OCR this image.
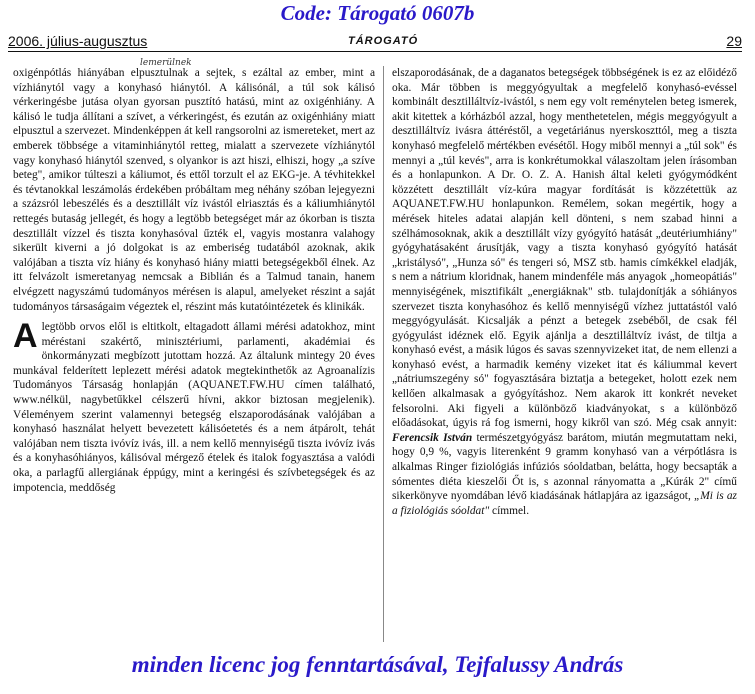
Code: Tárogató 0607b
2006. július-augusztus	TÁROGATÓ	29
lemerülnek

oxigénpótlás hiányában elpusztulnak a sejtek, s ezáltal az ember, mint a vízhiánytól vagy a konyhasó hiánytól. A kálisónál, a túl sok kálisó vérkeringésbe jutása olyan gyorsan pusztító hatású, mint az oxigénhiány. A kálisó le tudja állítani a szívet, a vérkeringést, és ezután az oxigénhiány miatt elpusztul a szervezet. Mindenképpen át kell rangsorolni az ismereteket, mert az emberek többsége a vitaminhiánytól retteg, mialatt a szervezete vízhiánytól vagy konyhasó hiánytól szenved, s olyankor is azt hiszi, elhiszi, hogy „a szíve beteg", amikor túlteszi a káliumot, és ettől torzult el az EKG-je. A tévhitekkel és tévtanokkal leszámolás érdekében próbáltam meg néhány szóban lejegyezni a százsról lebeszélés és a desztillált víz ivástól elriasztás és a káliumhiánytól rettegés butaság jellegét, és hogy a legtöbb betegséget már az ókorban is tiszta desztillált vízzel és tiszta konyhasóval űzték el, vagyis mostanra valahogy sikerült kiverni a jó dolgokat is az emberiség tudatából azoknak, akik valójában a tiszta víz hiány és konyhasó hiány miatti betegségekből élnek. Az itt felvázolt ismeretanyag nemcsak a Biblián és a Talmud tanain, hanem elvégzett nagyszámú tudományos mérésen is alapul, amelyeket részint a saját tudományos társaságaim végeztek el, részint más kutatóintézetek és klinikák.

Alegtöbb orvos elől is eltitkolt, eltagadott állami mérési adatokhoz, mint méréstani szakértő, minisztériumi, parlamenti, akadémiai és önkormányzati megbízott jutottam hozzá. Az általunk mintegy 20 éves munkával felderített leplezett mérési adatok megtekinthetők az Agroanalízis Tudományos Társaság honlapján (AQUANET.FW.HU címen található, www.nélkül, nagybetűkkel célszerű hívni, akkor biztosan megjelenik). Véleményem szerint valamennyi betegség elszaporodásának valójában a konyhasó használat helyett bevezetett kálisóetetés és a nem átpárolt, tehát valójában nem tiszta ivóvíz ivás, ill. a nem kellő mennyiségű tiszta ivóvíz ivás és a konyhasóhiányos, kálisóval mérgező ételek és italok fogyasztása a valódi oka, a parlagfű allergiának éppúgy, mint a keringési és szívbetegségek és az impotencia, meddőség

elszaporodásának, de a daganatos betegségek többségének is ez az előidéző oka. Már többen is meggyógyultak a megfelelő konyhasó-evéssel kombinált desztilláltvíz-ivástól, s nem egy volt reménytelen beteg ismerek, akit kitettek a kórházból azzal, hogy menthetetelen, mégis meggyógyult a desztilláltvíz ivásra áttéréstől, a vegetáriánus nyerskoszttól, meg a tiszta konyhasó megfelelő mértékben evésétől. Hogy miből mennyi a „túl sok" és mennyi a „túl kevés", arra is konkrétumokkal válaszoltam jelen írásomban és a honlapunkon. A Dr. O. Z. A. Hanish által keleti gyógymódként közzétett desztillált víz-kúra magyar fordítását is közzétettük az AQUANET.FW.HU honlapunkon. Remélem, sokan megértik, hogy a mérések hiteles adatai alapján kell dönteni, s nem szabad hinni a szélhámosoknak, akik a desztillált vízy gyógyító hatását „deutériumhiány" gyógyhatásaként árusítják, vagy a tiszta konyhasó gyógyító hatását „kristálysó", „Hunza só" és tengeri só, MSZ stb. hamis címkékkel eladják, s nem a nátrium kloridnak, hanem mindenféle más anyagok „homeopátiás" mennyiségének, misztifikált „energiáknak" stb. tulajdonítják a sóhiányos szervezet tiszta konyhasóhoz és kellő mennyiségű vízhez juttatástól való meggyógyulását. Kicsalják a pénzt a betegek zsebéből, de csak fél gyógyulást idéznek elő. Egyik ajánlja a desztilláltvíz ivást, de tiltja a konyhasó evést, a másik lúgos és savas szennyvizeket itat, de nem ellenzi a konyhasó evést, a harmadik kemény vizeket itat és káliummal kevert „nátriumszegény só" fogyasztására biztatja a betegeket, holott ezek nem kellően alkalmasak a gyógyításhoz. Nem akarok itt konkrét neveket felsorolni. Aki figyeli a különböző kiadványokat, s a különböző előadásokat, úgyis rá fog ismerni, hogy kikről van szó. Még csak annyit: Ferencsik István természetgyógyász barátom, miután megmutattam neki, hogy 0,9 %, vagyis literenként 9 gramm konyhasó van a vérpótlásra is alkalmas Ringer fiziológiás infúziós sóoldatban, belátta, hogy becsapták a sómentes diéta kieszelői Őt is, s azonnal rányomatta a „Kúrák 2" című sikerkönyve nyomdában lévő kiadásának hátlapjára az igazságot, „Mi is az a fiziológiás sóoldat" címmel.

minden licenc jog fenntartásával, Tejfalussy András
